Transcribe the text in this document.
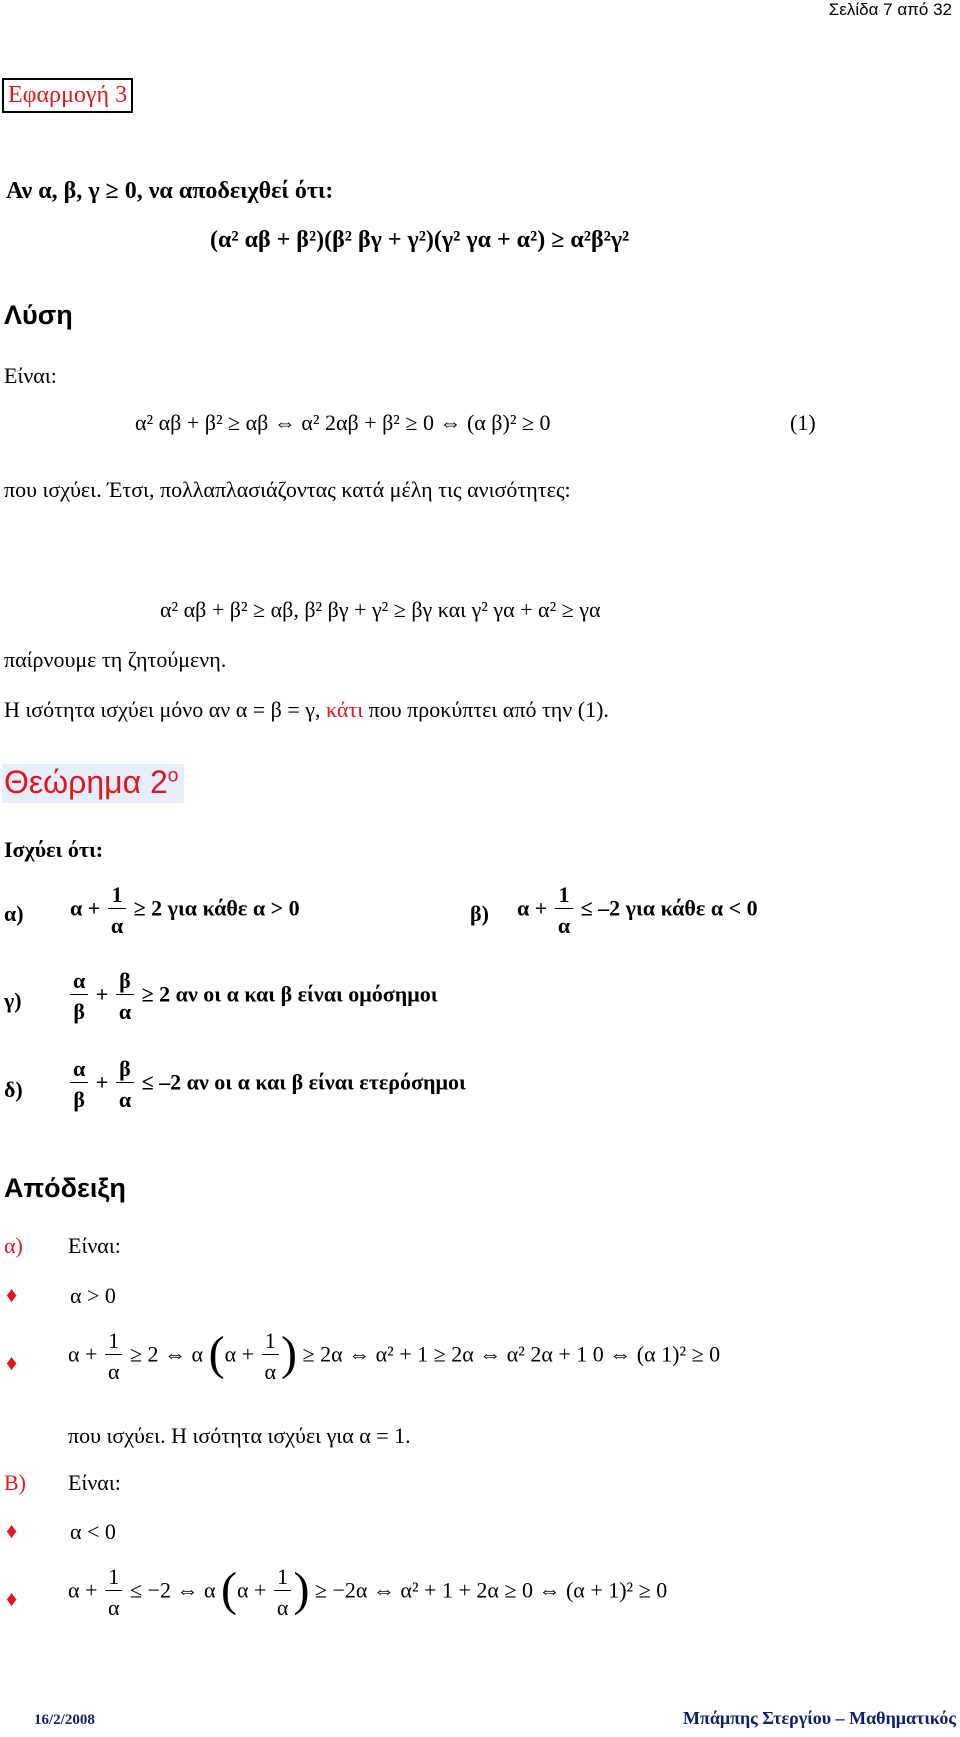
Σελίδα 7 από 32
Εφαρμογή 3
Αν α, β, γ ≥ 0, να αποδειχθεί ότι:
(α² αβ + β²)(β² βγ + γ²)(γ² γα + α²) ≥ α²β²γ²
Λύση
Είναι:
α² αβ + β² ≥ αβ ⇔ α² 2αβ + β² ≥ 0 ⇔ (α β)² ≥ 0	(1)
που ισχύει. Έτσι, πολλαπλασιάζοντας κατά μέλη τις ανισότητες:
α² αβ + β² ≥ αβ, β² βγ + γ² ≥ βγ και γ² γα + α² ≥ γα
παίρνουμε τη ζητούμενη.
Η ισότητα ισχύει μόνο αν α = β = γ, κάτι που προκύπτει από την (1).
Θεώρημα $2^o$
Ισχύει ότι:
α) $\alpha + \frac{1}{\alpha} \ge 2$ για κάθε α > 0	β) $\alpha + \frac{1}{\alpha} \le -2$ για κάθε α < 0
$\gamma) \frac{\alpha}{\beta} + \frac{\beta}{\alpha} \ge 2$ αν οι α και β είναι ομόσημοι
$\delta) \frac{\alpha}{\beta} + \frac{\beta}{\alpha} \le -2$ αν οι α και β είναι ετερόσημοι
Απόδειξη
α) Είναι:
♦ α > 0
♦ $\alpha + \frac{1}{\alpha} \ge 2$ ⇔ α ($\alpha + \frac{1}{\alpha}$ ) ≥ 2α ⇔ α² + 1 ≥ 2α ⇔ α² 2α + 1 0 ⇔ (α 1)² ≥ 0
που ισχύει. Η ισότητα ισχύει για α = 1.
Β) Είναι:
♦ α < 0
♦ $\alpha + \frac{1}{\alpha} \le -2$ ⇔ α ($\alpha + \frac{1}{\alpha}$ ) ≥ −2α ⇔ α² + 1 + 2α ≥ 0 ⇔ (α + 1)² ≥ 0
16/2/2008	Μπάμπης Στεργίου – Μαθηματικός
